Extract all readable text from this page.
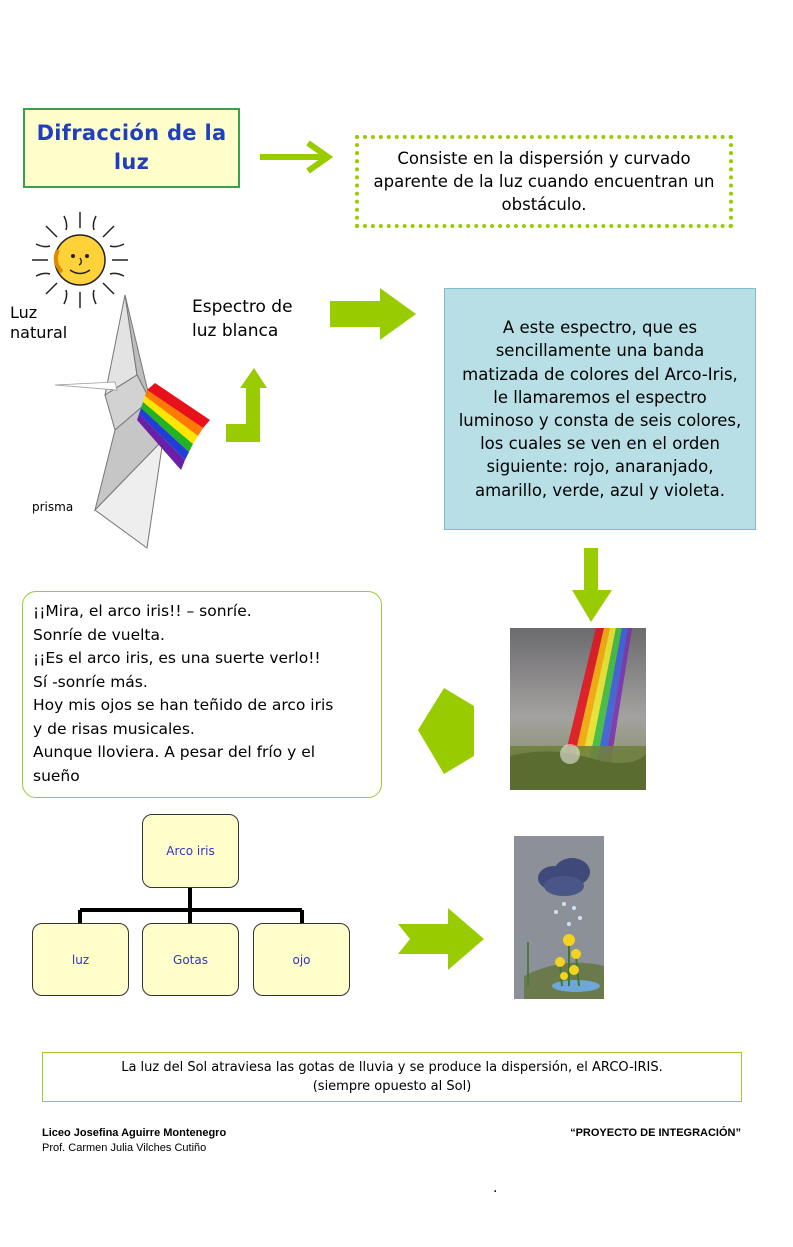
Difracción de la luz	Consiste en la dispersión y curvado aparente de la luz cuando encuentran un obstáculo.
Luz
natural
prisma
Espectro de
luz blanca	A este espectro, que es sencillamente una banda matizada de colores del Arco-Iris, le llamaremos el espectro luminoso y consta de seis colores, los cuales se ven en el orden siguiente: rojo, anaranjado, amarillo, verde, azul y violeta.
¡¡Mira, el arco iris!! – sonríe.
Sonríe de vuelta.
¡¡Es el arco iris, es una suerte verlo!!
Sí -sonríe más.
Hoy mis ojos se han teñido de arco iris
y de risas musicales.
Aunque lloviera. A pesar del frío y el
sueño
Arco iris
luz	Gotas	ojo
La luz del Sol atraviesa las gotas de lluvia y se produce la dispersión, el ARCO-IRIS.
(siempre opuesto al Sol)
Liceo Josefina Aguirre Montenegro
Prof. Carmen Julia Vilches Cutiño
“PROYECTO DE INTEGRACIÓN”
.
